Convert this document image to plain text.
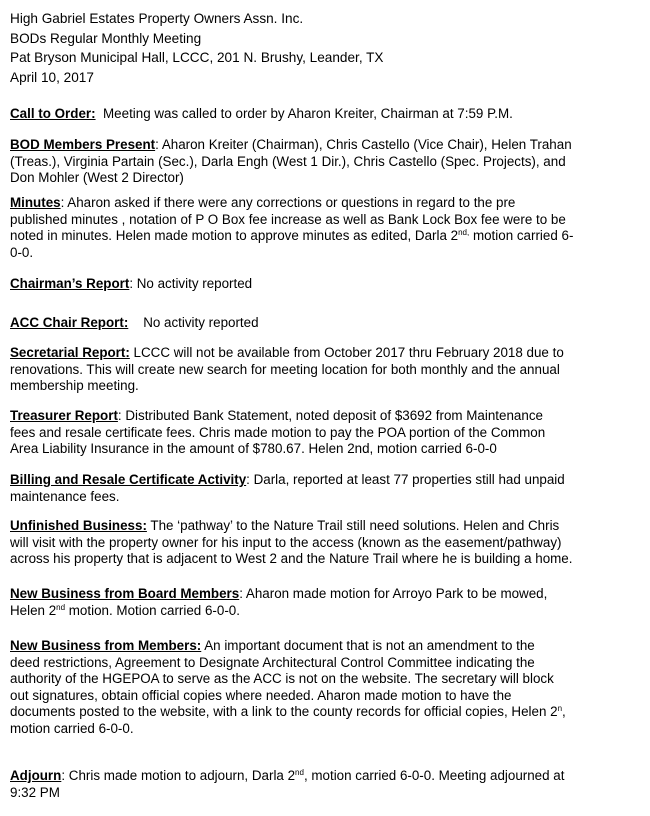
High Gabriel Estates Property Owners Assn. Inc.
BODs Regular Monthly Meeting
Pat Bryson Municipal Hall, LCCC, 201 N. Brushy, Leander, TX
April 10, 2017
Call to Order: Meeting was called to order by Aharon Kreiter, Chairman at 7:59 P.M.
BOD Members Present: Aharon Kreiter (Chairman), Chris Castello (Vice Chair), Helen Trahan
(Treas.), Virginia Partain (Sec.), Darla Engh (West 1 Dir.), Chris Castello (Spec. Projects), and
Don Mohler (West 2 Director)
Minutes: Aharon asked if there were any corrections or questions in regard to the pre
published minutes , notation of P O Box fee increase as well as Bank Lock Box fee were to be
noted in minutes. Helen made motion to approve minutes as edited, Darla $2^{nd,}$ motion carried 6-
0-0.
Chairman’s Report: No activity reported
ACC Chair Report: No activity reported
Secretarial Report: LCCC will not be available from October 2017 thru February 2018 due to
renovations. This will create new search for meeting location for both monthly and the annual
membership meeting.
Treasurer Report: Distributed Bank Statement, noted deposit of $3692 from Maintenance
fees and resale certificate fees. Chris made motion to pay the POA portion of the Common
Area Liability Insurance in the amount of $780.67. Helen 2nd, motion carried 6-0-0
Billing and Resale Certificate Activity: Darla, reported at least 77 properties still had unpaid
maintenance fees.
Unfinished Business: The ‘pathway’ to the Nature Trail still need solutions. Helen and Chris
will visit with the property owner for his input to the access (known as the easement/pathway)
across his property that is adjacent to West 2 and the Nature Trail where he is building a home.
New Business from Board Members: Aharon made motion for Arroyo Park to be mowed,
Helen 2nd motion. Motion carried 6-0-0.
New Business from Members: An important document that is not an amendment to the
deed restrictions, Agreement to Designate Architectural Control Committee indicating the
authority of the HGEPOA to serve as the ACC is not on the website. The secretary will block
out signatures, obtain official copies where needed. Aharon made motion to have the
documents posted to the website, with a link to the county records for official copies, Helen 2$^n$,
motion carried 6-0-0.
Adjourn: Chris made motion to adjourn, Darla 2nd, motion carried 6-0-0. Meeting adjourned at
9:32 PM
